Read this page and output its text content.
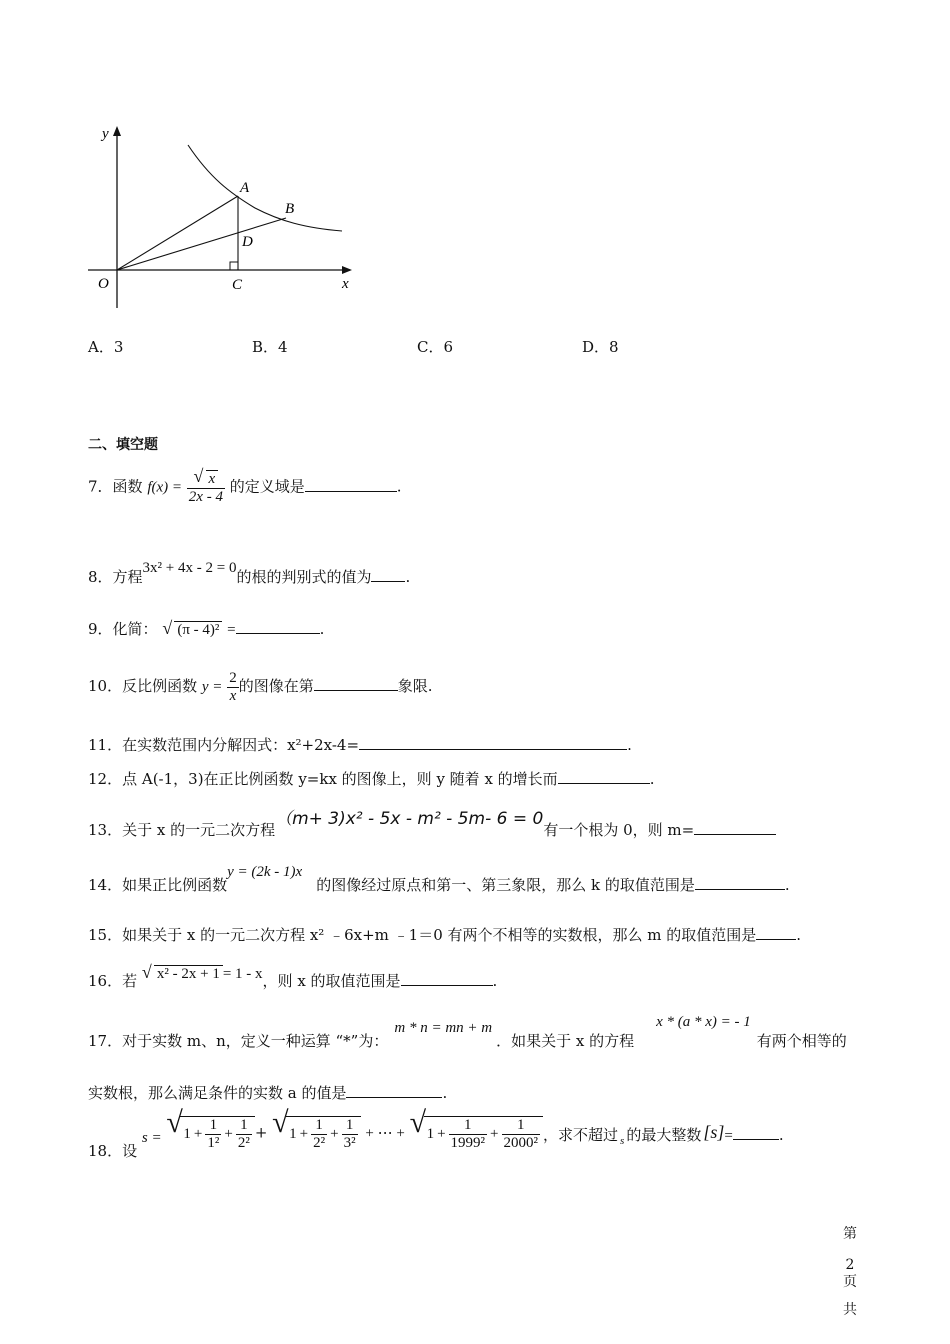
y
x
O
A
B
C
D
A．3	B．4	C．6	D．8
二、填空题
7．函数 $f(x) = \frac{√ x}{2x - 4}$ 的定义域是	.
8．方程3x² + 4x - 2 = 0的根的判别式的值为 .
9．化简： √ (π - 4)² =	.
10．反比例函数 $y = \frac{2}{x}$ 的图像在第	象限.
11．在实数范围内分解因式：x²+2x-4=	.
12．点 A(-1，3)在正比例函数 y=kx 的图像上，则 y 随着 x 的增长而	.
13．关于 x 的一元二次方程（m+ 3)x² - 5x - m² - 5m- 6 = 0有一个根为 0，则 m=
14．如果正比例函数y = (2k - 1)x的图像经过原点和第一、第三象限，那么 k 的取值范围是	.
15．如果关于 x 的一元二次方程 x² ﹣6x+m ﹣1＝0 有两个不相等的实数根，那么 m 的取值范围是	.
16．若 √ x² - 2x + 1 = 1 - x，则 x 的取值范围是	.
17．对于实数 m、n，定义一种运算 “*”为：m * n = mn + m．如果关于 x 的方程x * (a * x) = - 1有两个相等的
实数根，那么满足条件的实数 a 的值是	.
18．设 s = √ $1 + \frac{1}{\text{1²}} + \frac{1}{\text{2²}}$ + √ $1 + \frac{1}{\text{2²}} + \frac{1}{\text{3²}}$ + ⋯ + √ $1 + \frac{1}{\text{1999²}} + \frac{1}{\text{2000²}}$ ，求不超过 $_s$ 的最大整数 [s]=	.
第
2
页
共
